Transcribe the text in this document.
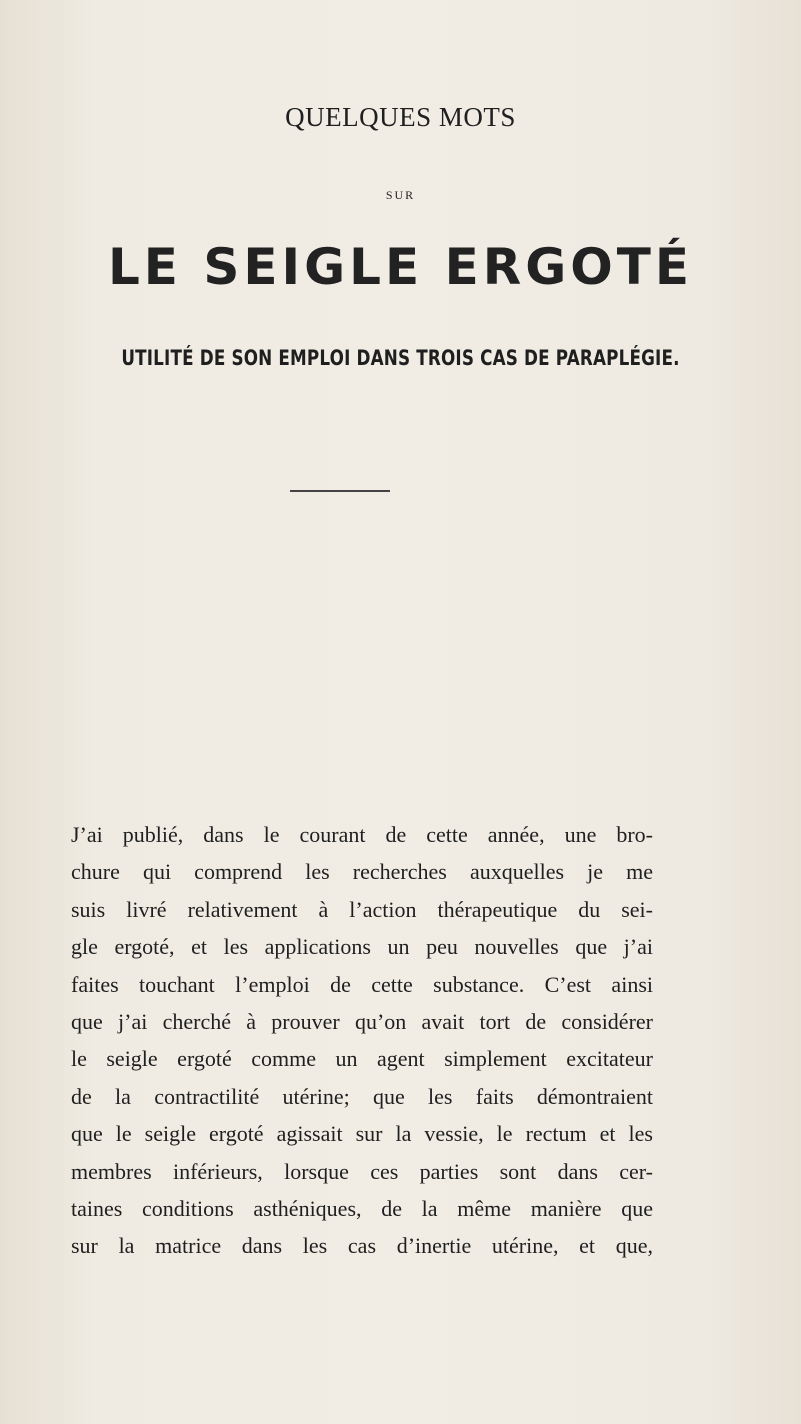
QUELQUES MOTS
SUR
LE SEIGLE ERGOTÉ
UTILITÉ DE SON EMPLOI DANS TROIS CAS DE PARAPLÉGIE.
J’ai publié, dans le courant de cette année, une bro-
chure qui comprend les recherches auxquelles je me
suis livré relativement à l’action thérapeutique du sei-
gle ergoté, et les applications un peu nouvelles que j’ai
faites touchant l’emploi de cette substance. C’est ainsi
que j’ai cherché à prouver qu’on avait tort de considérer
le seigle ergoté comme un agent simplement excitateur
de la contractilité utérine; que les faits démontraient
que le seigle ergoté agissait sur la vessie, le rectum et les
membres inférieurs, lorsque ces parties sont dans cer-
taines conditions asthéniques, de la même manière que
sur la matrice dans les cas d’inertie utérine, et que,
